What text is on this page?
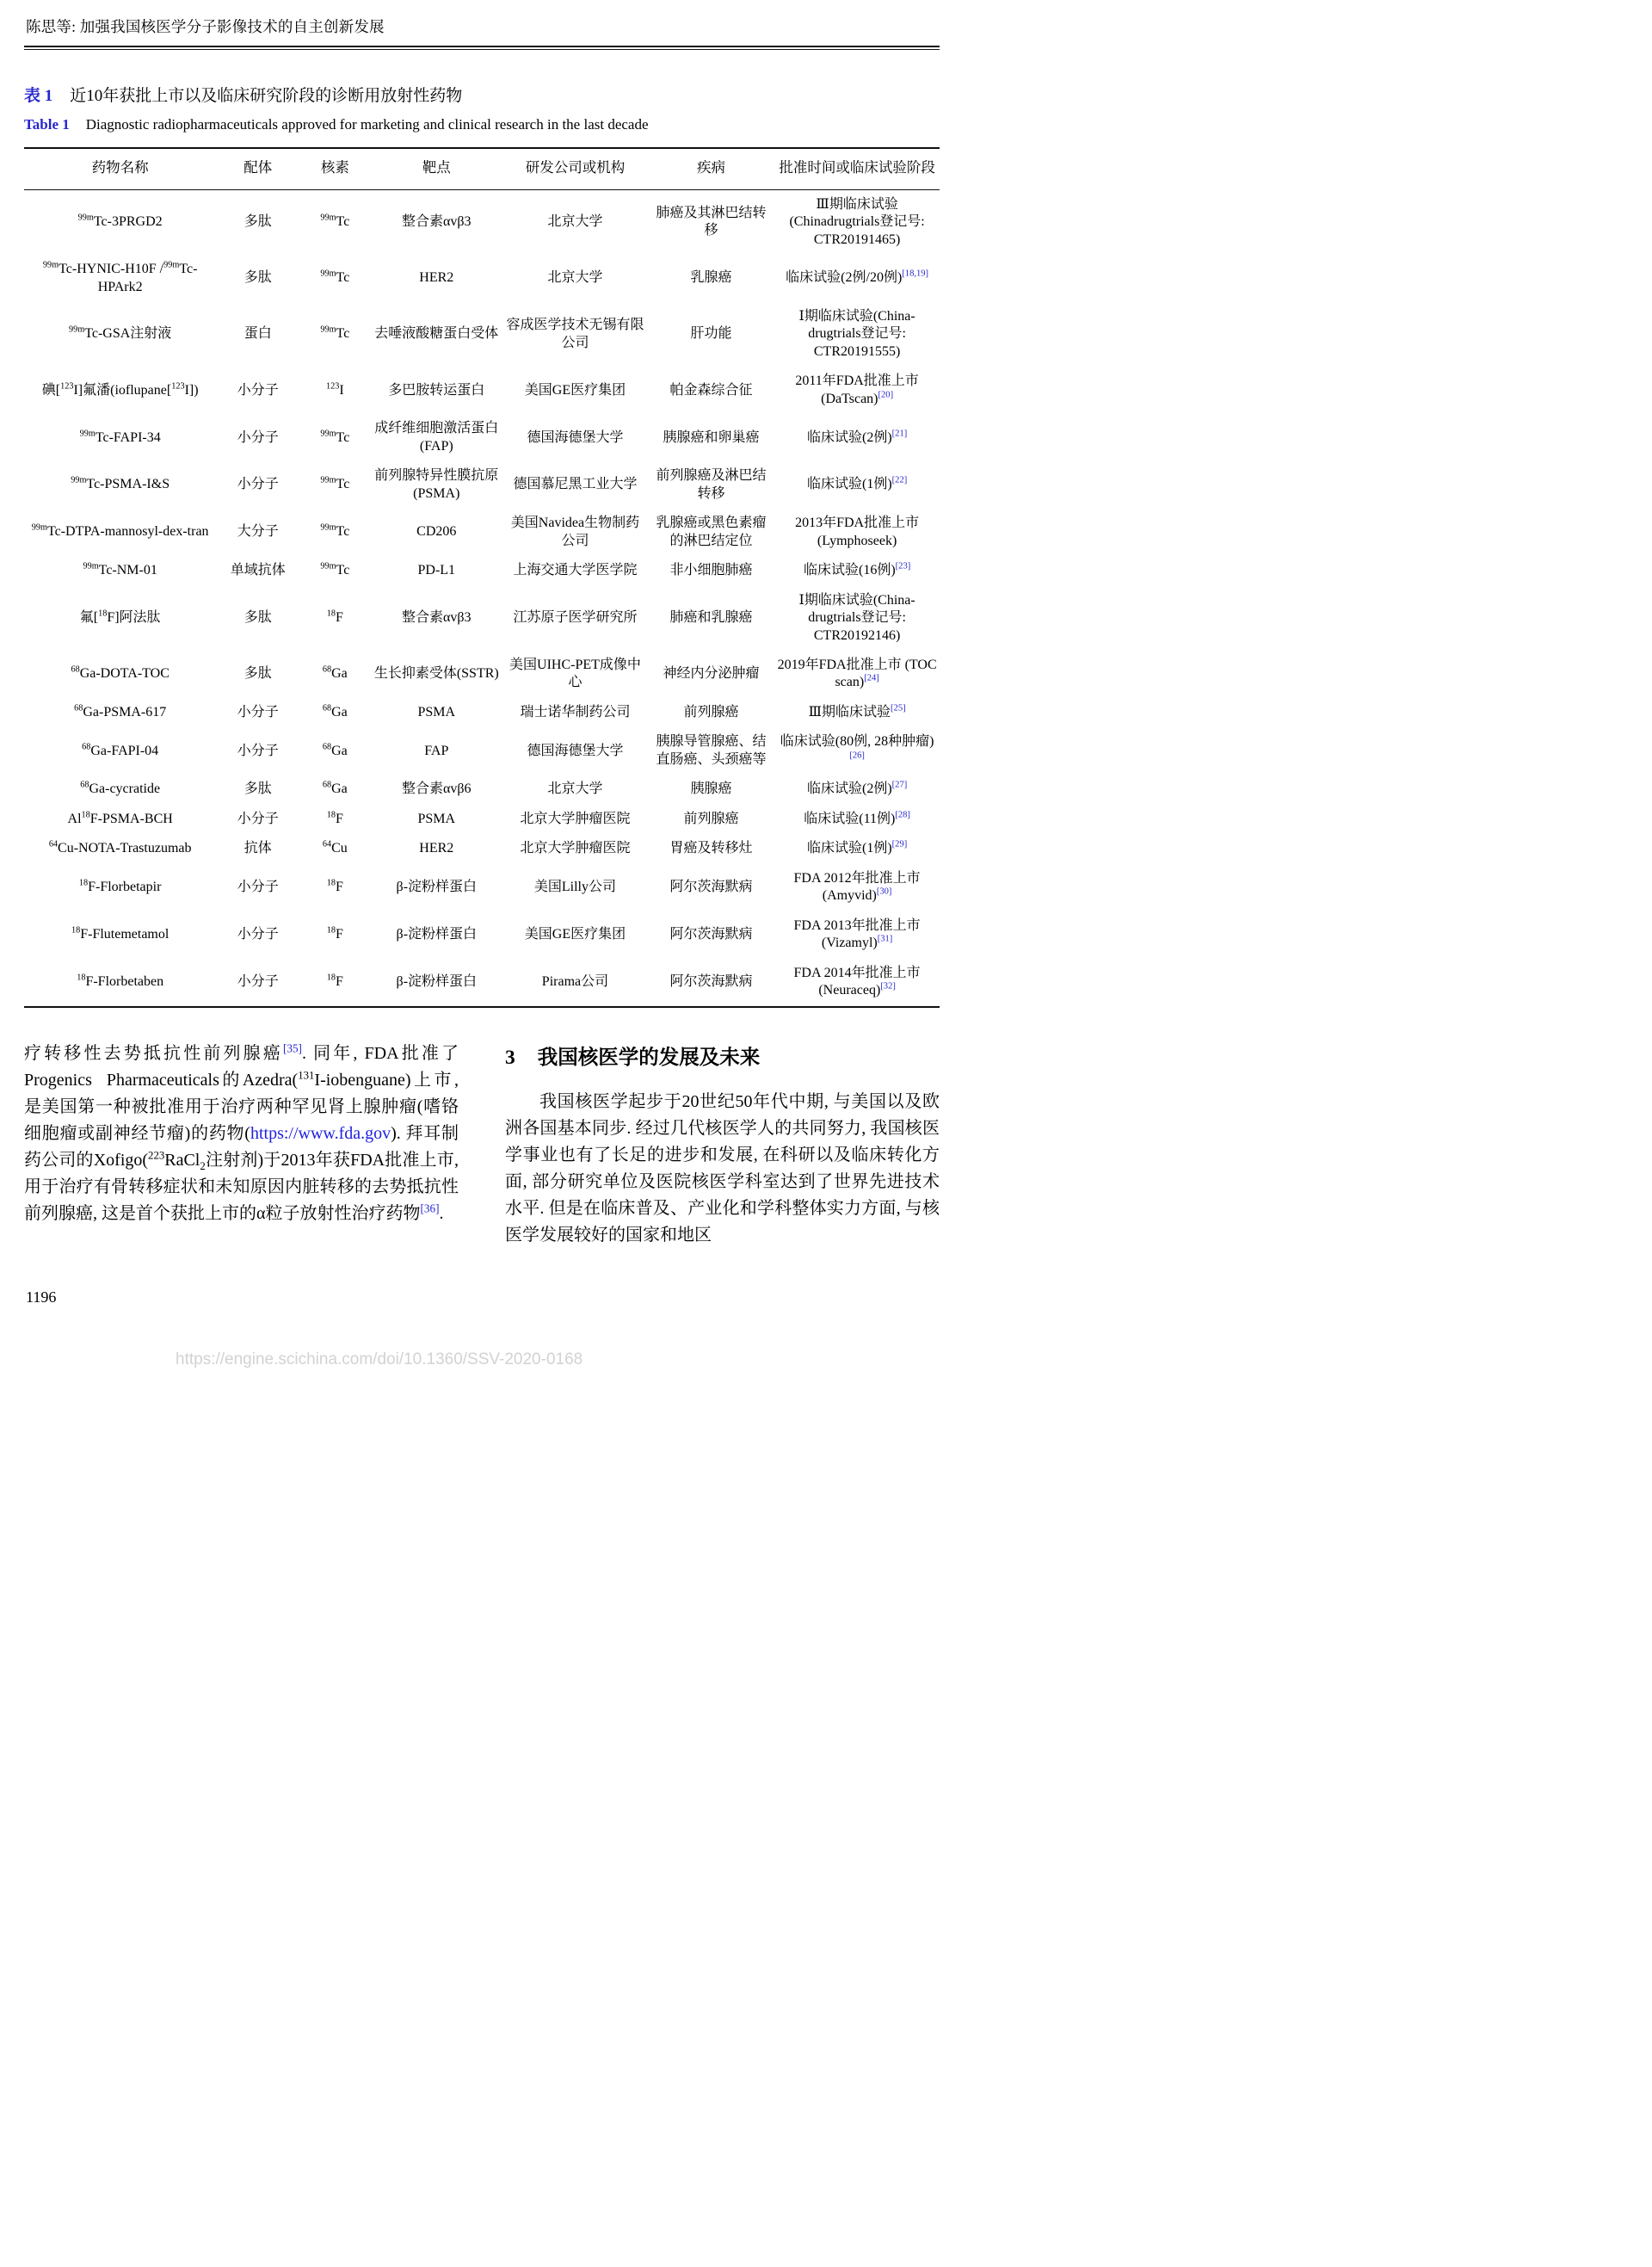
陈思等: 加强我国核医学分子影像技术的自主创新发展
表 1 近10年获批上市以及临床研究阶段的诊断用放射性药物
Table 1 Diagnostic radiopharmaceuticals approved for marketing and clinical research in the last decade
药物名称	配体	核素	靶点	研发公司或机构	疾病	批准时间或临床试验阶段
$^{99m}$Tc-3PRGD2	多肽	$^{99m}$Tc	整合素αvβ3	北京大学	肺癌及其淋巴结转移	Ⅲ期临床试验(Chinadrugtrials登记号: CTR20191465)
$^{99m}$Tc-HYNIC-H10F /$^{99m}$Tc-HPArk2	多肽	$^{99m}$Tc	HER2	北京大学	乳腺癌	临床试验(2例/20例)[18,19]
$^{99m}$Tc-GSA注射液	蛋白	$^{99m}$Tc	去唾液酸糖蛋白受体	容成医学技术无锡有限公司	肝功能	Ⅰ期临床试验(China-drugtrials登记号: CTR20191555)
碘[$^{123}$I]氟潘(ioflupane[$^{123}$I])	小分子	$^{123}$I	多巴胺转运蛋白	美国GE医疗集团	帕金森综合征	2011年FDA批准上市 (DaTscan)[20]
$^{99m}$Tc-FAPI-34	小分子	$^{99m}$Tc	成纤维细胞激活蛋白(FAP)	德国海德堡大学	胰腺癌和卵巢癌	临床试验(2例)[21]
$^{99m}$Tc-PSMA-I&S	小分子	$^{99m}$Tc	前列腺特异性膜抗原(PSMA)	德国慕尼黑工业大学	前列腺癌及淋巴结转移	临床试验(1例)[22]
$^{99m}$Tc-DTPA-mannosyl-dex-tran	大分子	$^{99m}$Tc	CD206	美国Navidea生物制药公司	乳腺癌或黑色素瘤的淋巴结定位	2013年FDA批准上市 (Lymphoseek)
$^{99m}$Tc-NM-01	单域抗体	$^{99m}$Tc	PD-L1	上海交通大学医学院	非小细胞肺癌	临床试验(16例)[23]
氟[$^{18}$F]阿法肽	多肽	$^{18}$F	整合素αvβ3	江苏原子医学研究所	肺癌和乳腺癌	Ⅰ期临床试验(China-drugtrials登记号: CTR20192146)
$^{68}$Ga-DOTA-TOC	多肽	$^{68}$Ga	生长抑素受体(SSTR)	美国UIHC-PET成像中心	神经内分泌肿瘤	2019年FDA批准上市 (TOC scan)[24]
$^{68}$Ga-PSMA-617	小分子	$^{68}$Ga	PSMA	瑞士诺华制药公司	前列腺癌	Ⅲ期临床试验[25]
$^{68}$Ga-FAPI-04	小分子	$^{68}$Ga	FAP	德国海德堡大学	胰腺导管腺癌、结直肠癌、头颈癌等	临床试验(80例, 28种肿瘤)[26]
$^{68}$Ga-cycratide	多肽	$^{68}$Ga	整合素αvβ6	北京大学	胰腺癌	临床试验(2例)[27]
Al$^{18}$F-PSMA-BCH	小分子	$^{18}$F	PSMA	北京大学肿瘤医院	前列腺癌	临床试验(11例)[28]
$^{64}$Cu-NOTA-Trastuzumab	抗体	$^{64}$Cu	HER2	北京大学肿瘤医院	胃癌及转移灶	临床试验(1例)[29]
$^{18}$F-Florbetapir	小分子	$^{18}$F	β-淀粉样蛋白	美国Lilly公司	阿尔茨海默病	FDA 2012年批准上市 (Amyvid)[30]
$^{18}$F-Flutemetamol	小分子	$^{18}$F	β-淀粉样蛋白	美国GE医疗集团	阿尔茨海默病	FDA 2013年批准上市 (Vizamyl)[31]
$^{18}$F-Florbetaben	小分子	$^{18}$F	β-淀粉样蛋白	Pirama公司	阿尔茨海默病	FDA 2014年批准上市 (Neuraceq)[32]

疗转移性去势抵抗性前列腺癌[35]. 同年, FDA批准了Progenics  Pharmaceuticals的Azedra($^{131}$I-iobenguane)上市, 是美国第一种被批准用于治疗两种罕见肾上腺肿瘤(嗜铬细胞瘤或副神经节瘤)的药物(https://www.fda.gov). 拜耳制药公司的Xofigo($^{223}$RaCl$_2$注射剂)于2013年获FDA批准上市, 用于治疗有骨转移症状和未知原因内脏转移的去势抵抗性前列腺癌, 这是首个获批上市的α粒子放射性治疗药物[36].

3 我国核医学的发展及未来

我国核医学起步于20世纪50年代中期, 与美国以及欧洲各国基本同步. 经过几代核医学人的共同努力, 我国核医学事业也有了长足的进步和发展, 在科研以及临床转化方面, 部分研究单位及医院核医学科室达到了世界先进技术水平. 但是在临床普及、产业化和学科整体实力方面, 与核医学发展较好的国家和地区

1196
https://engine.scichina.com/doi/10.1360/SSV-2020-0168
